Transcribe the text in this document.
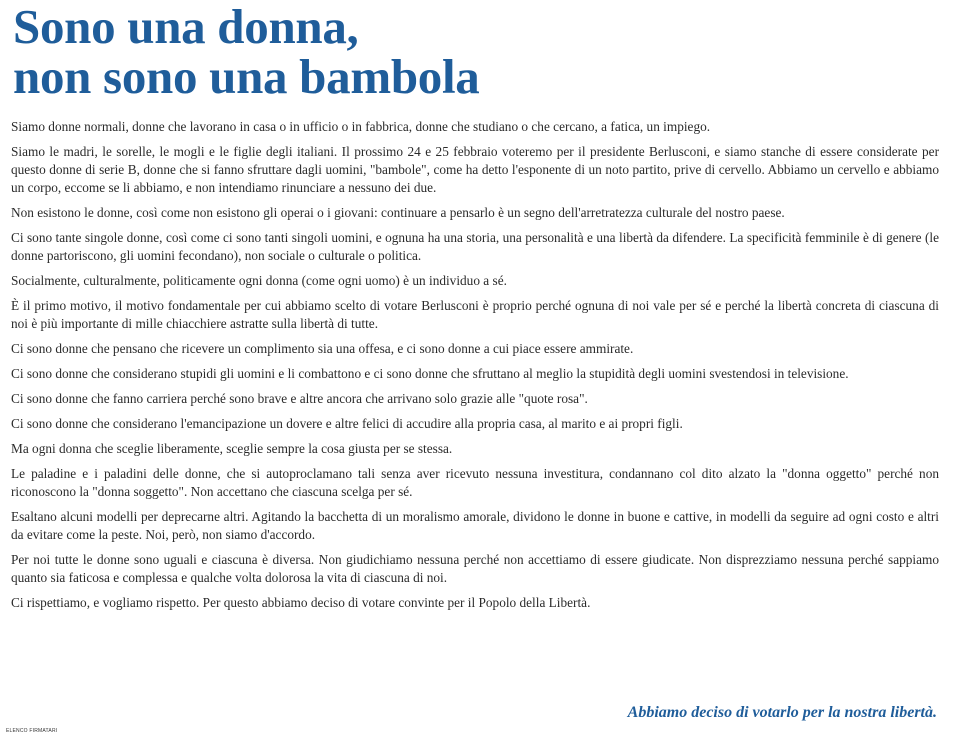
Sono una donna,
non sono una bambola

Siamo donne normali, donne che lavorano in casa o in ufficio o in fabbrica, donne che studiano o che cercano, a fatica, un impiego.

Siamo le madri, le sorelle, le mogli e le figlie degli italiani. Il prossimo 24 e 25 febbraio voteremo per il presidente Berlusconi, e siamo stanche di essere considerate per questo donne di serie B, donne che si fanno sfruttare dagli uomini, "bambole", come ha detto l'esponente di un noto partito, prive di cervello. Abbiamo un cervello e abbiamo un corpo, eccome se li abbiamo, e non intendiamo rinunciare a nessuno dei due.

Non esistono le donne, così come non esistono gli operai o i giovani: continuare a pensarlo è un segno dell'arretratezza culturale del nostro paese.

Ci sono tante singole donne, così come ci sono tanti singoli uomini, e ognuna ha una storia, una personalità e una libertà da difendere. La specificità femminile è di genere (le donne partoriscono, gli uomini fecondano), non sociale o culturale o politica.

Socialmente, culturalmente, politicamente ogni donna (come ogni uomo) è un individuo a sé.

È il primo motivo, il motivo fondamentale per cui abbiamo scelto di votare Berlusconi è proprio perché ognuna di noi vale per sé e perché la libertà concreta di ciascuna di noi è più importante di mille chiacchiere astratte sulla libertà di tutte.

Ci sono donne che pensano che ricevere un complimento sia una offesa, e ci sono donne a cui piace essere ammirate.

Ci sono donne che considerano stupidi gli uomini e li combattono e ci sono donne che sfruttano al meglio la stupidità degli uomini svestendosi in televisione.

Ci sono donne che fanno carriera perché sono brave e altre ancora che arrivano solo grazie alle "quote rosa".

Ci sono donne che considerano l'emancipazione un dovere e altre felici di accudire alla propria casa, al marito e ai propri figli.

Ma ogni donna che sceglie liberamente, sceglie sempre la cosa giusta per se stessa.

Le paladine e i paladini delle donne, che si autoproclamano tali senza aver ricevuto nessuna investitura, condannano col dito alzato la "donna oggetto" perché non riconoscono la "donna soggetto". Non accettano che ciascuna scelga per sé.

Esaltano alcuni modelli per deprecarne altri. Agitando la bacchetta di un moralismo amorale, dividono le donne in buone e cattive, in modelli da seguire ad ogni costo e altri da evitare come la peste. Noi, però, non siamo d'accordo.

Per noi tutte le donne sono uguali e ciascuna è diversa. Non giudichiamo nessuna perché non accettiamo di essere giudicate. Non disprezziamo nessuna perché sappiamo quanto sia faticosa e complessa e qualche volta dolorosa la vita di ciascuna di noi.

Ci rispettiamo, e vogliamo rispetto. Per questo abbiamo deciso di votare convinte per il Popolo della Libertà.

Abbiamo deciso di votarlo per la nostra libertà.

ELENCO FIRMATARI
